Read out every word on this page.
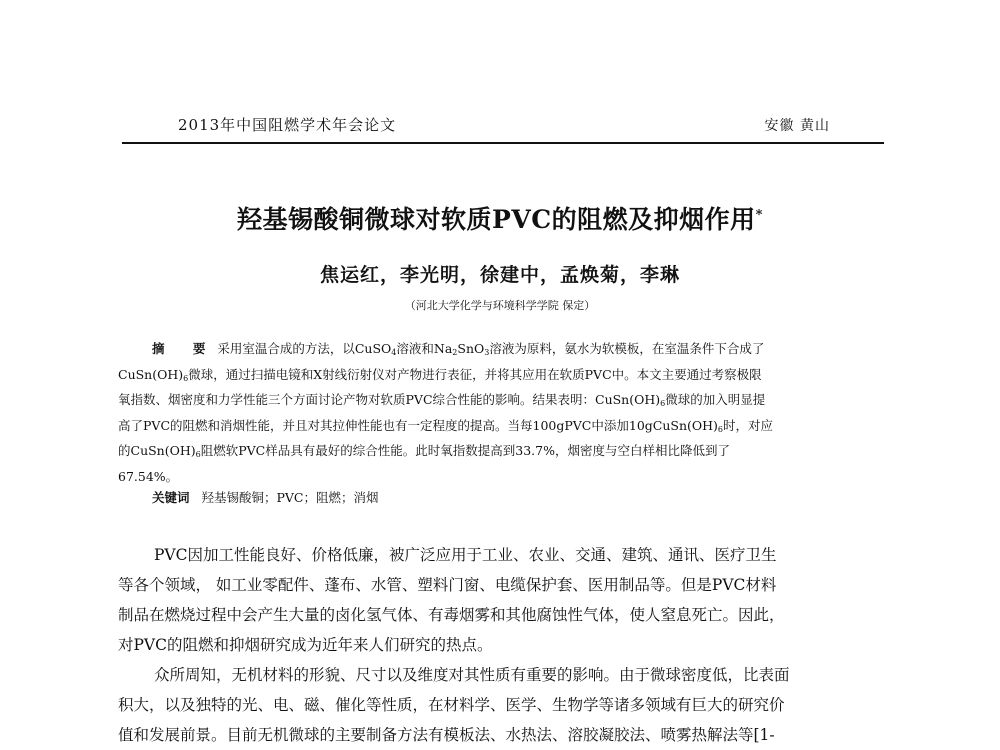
2013年中国阻燃学术年会论文	安徽 黄山
羟基锡酸铜微球对软质PVC的阻燃及抑烟作用*
焦运红，李光明，徐建中，孟焕菊，李琳
（河北大学化学与环境科学学院 保定）
摘 要采用室温合成的方法，以CuSO$_4$溶液和$Na_2SnO_3$溶液为原料，氨水为软模板，在室温条件下合成了
$CuSn(OH)_6$微球，通过扫描电镜和X射线衍射仪对产物进行表征，并将其应用在软质PVC中。本文主要通过考察极限
氧指数、烟密度和力学性能三个方面讨论产物对软质PVC综合性能的影响。结果表明：$CuSn(OH)_6$微球的加入明显提
高了PVC的阻燃和消烟性能，并且对其拉伸性能也有一定程度的提高。当每100gPVC中添加$10gCuSn(OH)_6$时，对应
的$CuSn(OH)_6$阻燃软PVC样品具有最好的综合性能。此时氧指数提高到33.7%，烟密度与空白样相比降低到了
67.54%。
关键词 羟基锡酸铜；PVC；阻燃；消烟
PVC因加工性能良好、价格低廉，被广泛应用于工业、农业、交通、建筑、通讯、医疗卫生
等各个领域， 如工业零配件、蓬布、水管、塑料门窗、电缆保护套、医用制品等。但是PVC材料
制品在燃烧过程中会产生大量的卤化氢气体、有毒烟雾和其他腐蚀性气体，使人窒息死亡。因此，
对PVC的阻燃和抑烟研究成为近年来人们研究的热点。
众所周知，无机材料的形貌、尺寸以及维度对其性质有重要的影响。由于微球密度低，比表面
积大，以及独特的光、电、磁、催化等性质，在材料学、医学、生物学等诸多领域有巨大的研究价
值和发展前景。目前无机微球的主要制备方法有模板法、水热法、溶胶凝胶法、喷雾热解法等[1-
